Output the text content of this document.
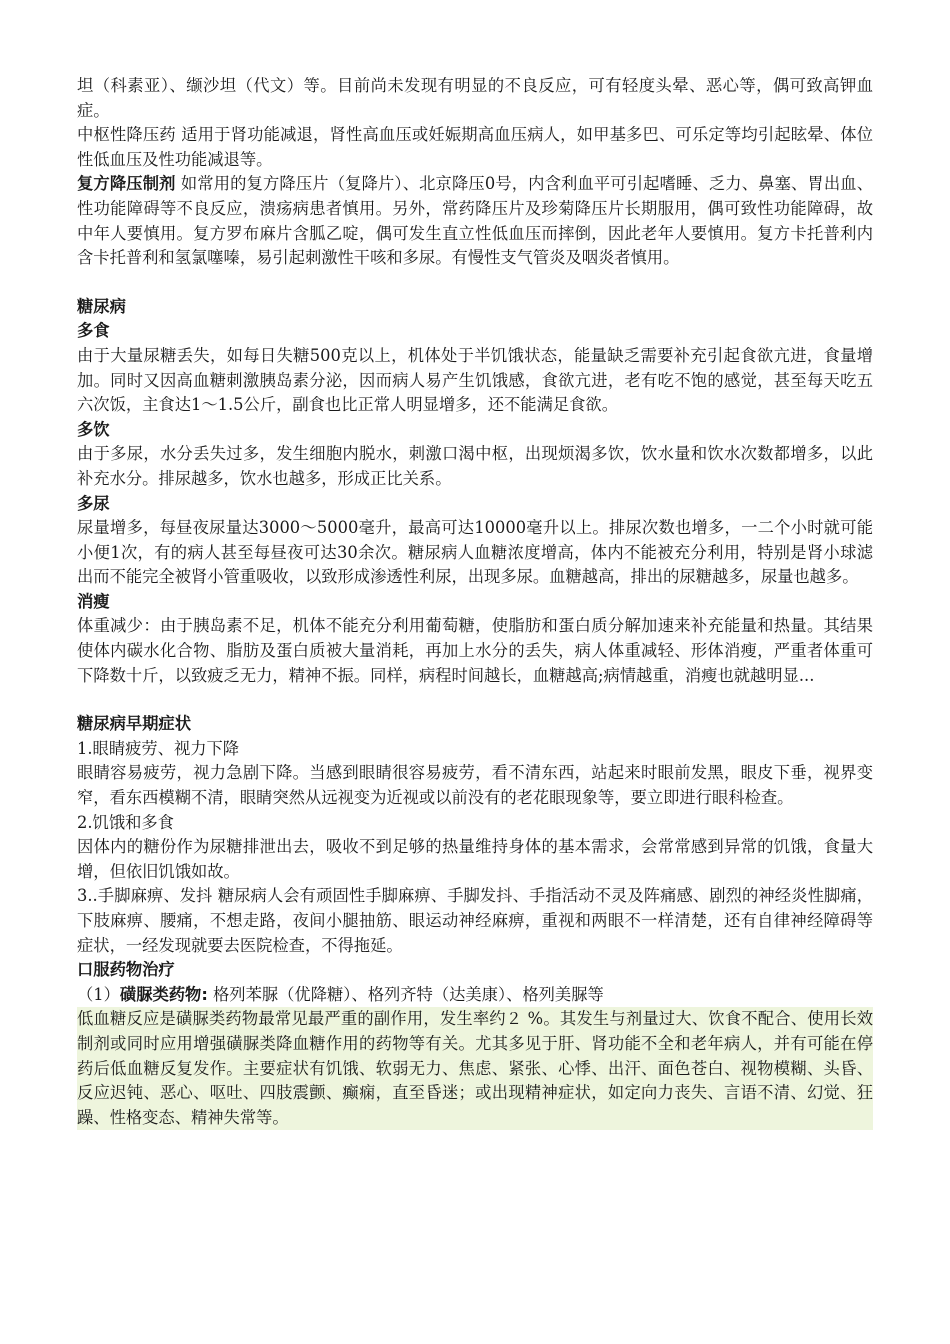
坦（科素亚）、缬沙坦（代文）等。目前尚未发现有明显的不良反应，可有轻度头晕、恶心等，偶可致高钾血症。

中枢性降压药 适用于肾功能减退，肾性高血压或妊娠期高血压病人，如甲基多巴、可乐定等均引起眩晕、体位性低血压及性功能减退等。

复方降压制剂 如常用的复方降压片（复降片）、北京降压0号，内含利血平可引起嗜睡、乏力、鼻塞、胃出血、性功能障碍等不良反应，溃疡病患者慎用。另外，常药降压片及珍菊降压片长期服用，偶可致性功能障碍，故中年人要慎用。复方罗布麻片含胍乙啶，偶可发生直立性低血压而摔倒，因此老年人要慎用。复方卡托普利内含卡托普利和氢氯噻嗪，易引起刺激性干咳和多尿。有慢性支气管炎及咽炎者慎用。

糖尿病

多食

由于大量尿糖丢失，如每日失糖500克以上，机体处于半饥饿状态，能量缺乏需要补充引起食欲亢进，食量增加。同时又因高血糖刺激胰岛素分泌，因而病人易产生饥饿感，食欲亢进，老有吃不饱的感觉，甚至每天吃五六次饭，主食达1～1.5公斤，副食也比正常人明显增多，还不能满足食欲。

多饮

由于多尿，水分丢失过多，发生细胞内脱水，刺激口渴中枢，出现烦渴多饮，饮水量和饮水次数都增多，以此补充水分。排尿越多，饮水也越多，形成正比关系。

多尿

尿量增多，每昼夜尿量达3000～5000毫升，最高可达10000毫升以上。排尿次数也增多，一二个小时就可能小便1次，有的病人甚至每昼夜可达30余次。糖尿病人血糖浓度增高，体内不能被充分利用，特别是肾小球滤出而不能完全被肾小管重吸收，以致形成渗透性利尿，出现多尿。血糖越高，排出的尿糖越多，尿量也越多。

消瘦

体重减少：由于胰岛素不足，机体不能充分利用葡萄糖，使脂肪和蛋白质分解加速来补充能量和热量。其结果使体内碳水化合物、脂肪及蛋白质被大量消耗，再加上水分的丢失，病人体重减轻、形体消瘦，严重者体重可下降数十斤，以致疲乏无力，精神不振。同样，病程时间越长，血糖越高;病情越重，消瘦也就越明显...

糖尿病早期症状

1.眼睛疲劳、视力下降

眼睛容易疲劳，视力急剧下降。当感到眼睛很容易疲劳，看不清东西，站起来时眼前发黑，眼皮下垂，视界变窄，看东西模糊不清，眼睛突然从远视变为近视或以前没有的老花眼现象等，要立即进行眼科检查。

2.饥饿和多食

因体内的糖份作为尿糖排泄出去，吸收不到足够的热量维持身体的基本需求，会常常感到异常的饥饿，食量大增，但依旧饥饿如故。

3..手脚麻痹、发抖 糖尿病人会有顽固性手脚麻痹、手脚发抖、手指活动不灵及阵痛感、剧烈的神经炎性脚痛，下肢麻痹、腰痛，不想走路，夜间小腿抽筋、眼运动神经麻痹，重视和两眼不一样清楚，还有自律神经障碍等症状，一经发现就要去医院检查，不得拖延。

口服药物治疗

（1）磺脲类药物: 格列苯脲（优降糖）、格列齐特（达美康）、格列美脲等

低血糖反应是磺脲类药物最常见最严重的副作用，发生率约２ %。其发生与剂量过大、饮食不配合、使用长效制剂或同时应用增强磺脲类降血糖作用的药物等有关。尤其多见于肝、肾功能不全和老年病人，并有可能在停药后低血糖反复发作。主要症状有饥饿、软弱无力、焦虑、紧张、心悸、出汗、面色苍白、视物模糊、头昏、反应迟钝、恶心、呕吐、四肢震颤、癫痫，直至昏迷；或出现精神症状，如定向力丧失、言语不清、幻觉、狂躁、性格变态、精神失常等。
